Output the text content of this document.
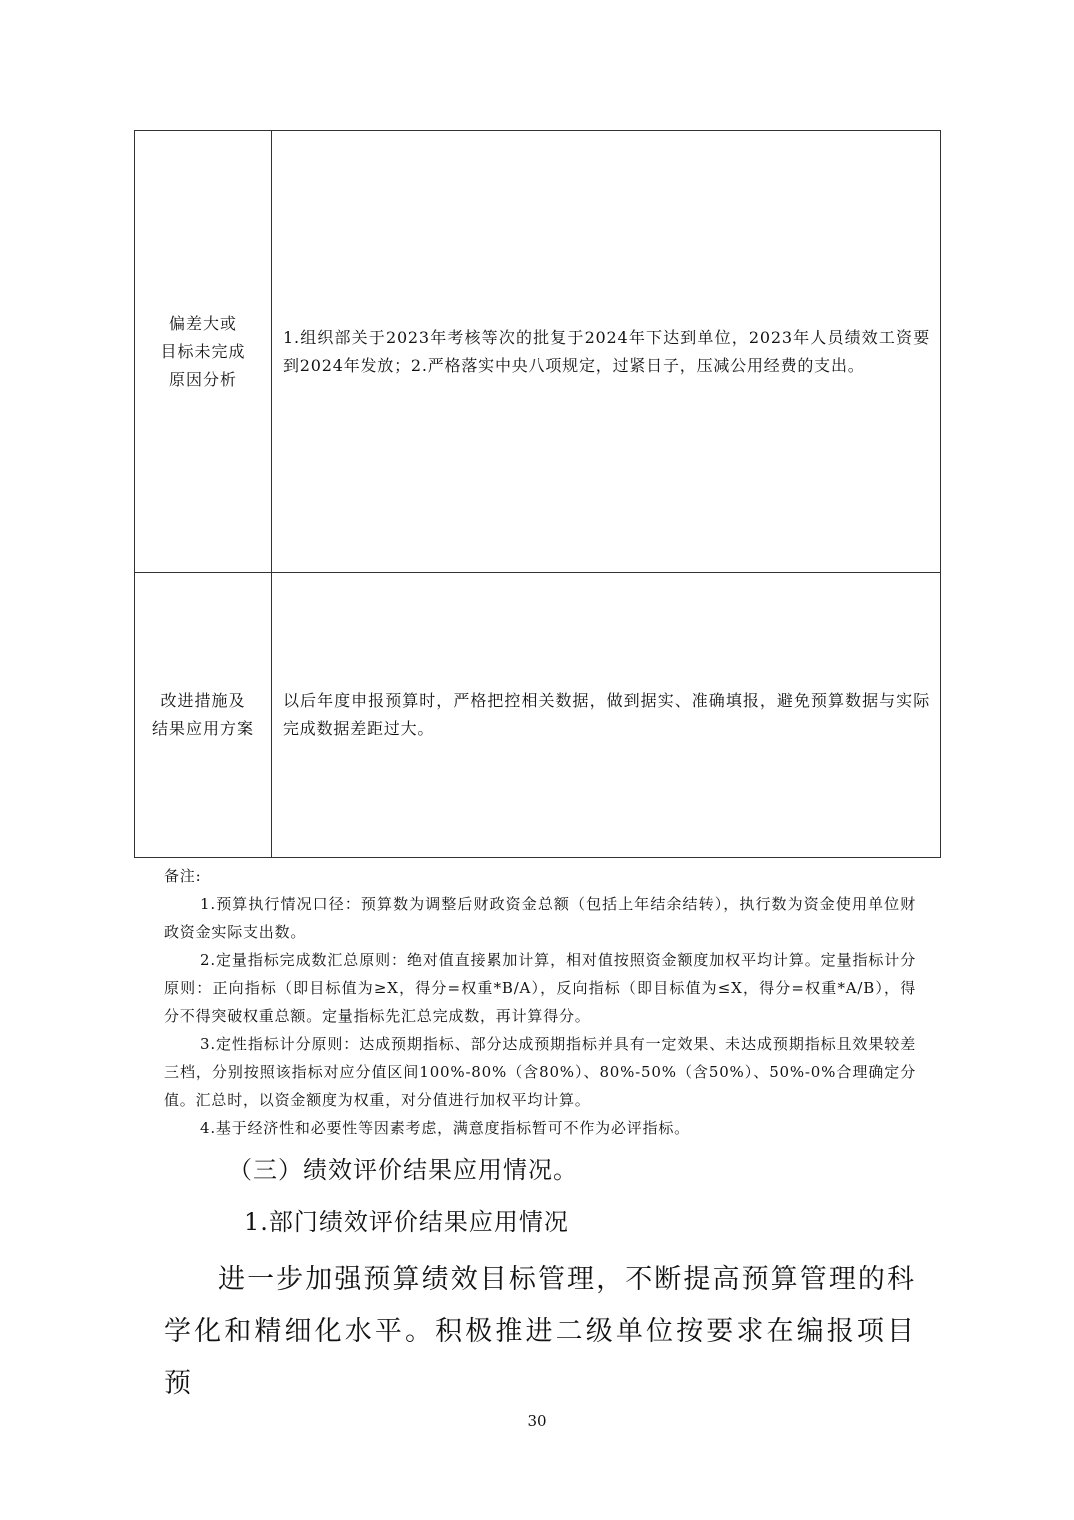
偏差大或
目标未完成
原因分析
1.组织部关于2023年考核等次的批复于2024年下达到单位，2023年人员绩效工资要到2024年发放；2.严格落实中央八项规定，过紧日子，压减公用经费的支出。
改进措施及
结果应用方案
以后年度申报预算时，严格把控相关数据，做到据实、准确填报，避免预算数据与实际完成数据差距过大。

备注:

1.预算执行情况口径：预算数为调整后财政资金总额（包括上年结余结转），执行数为资金使用单位财政资金实际支出数。

2.定量指标完成数汇总原则：绝对值直接累加计算，相对值按照资金额度加权平均计算。定量指标计分原则：正向指标（即目标值为≥X，得分=权重*B/A），反向指标（即目标值为≤X，得分=权重*A/B），得分不得突破权重总额。定量指标先汇总完成数，再计算得分。

3.定性指标计分原则：达成预期指标、部分达成预期指标并具有一定效果、未达成预期指标且效果较差三档，分别按照该指标对应分值区间100%-80%（含80%）、80%-50%（含50%）、50%-0%合理确定分值。汇总时，以资金额度为权重，对分值进行加权平均计算。

4.基于经济性和必要性等因素考虑，满意度指标暂可不作为必评指标。

（三）绩效评价结果应用情况。
1.部门绩效评价结果应用情况
进一步加强预算绩效目标管理，不断提高预算管理的科学化和精细化水平。积极推进二级单位按要求在编报项目预
30
